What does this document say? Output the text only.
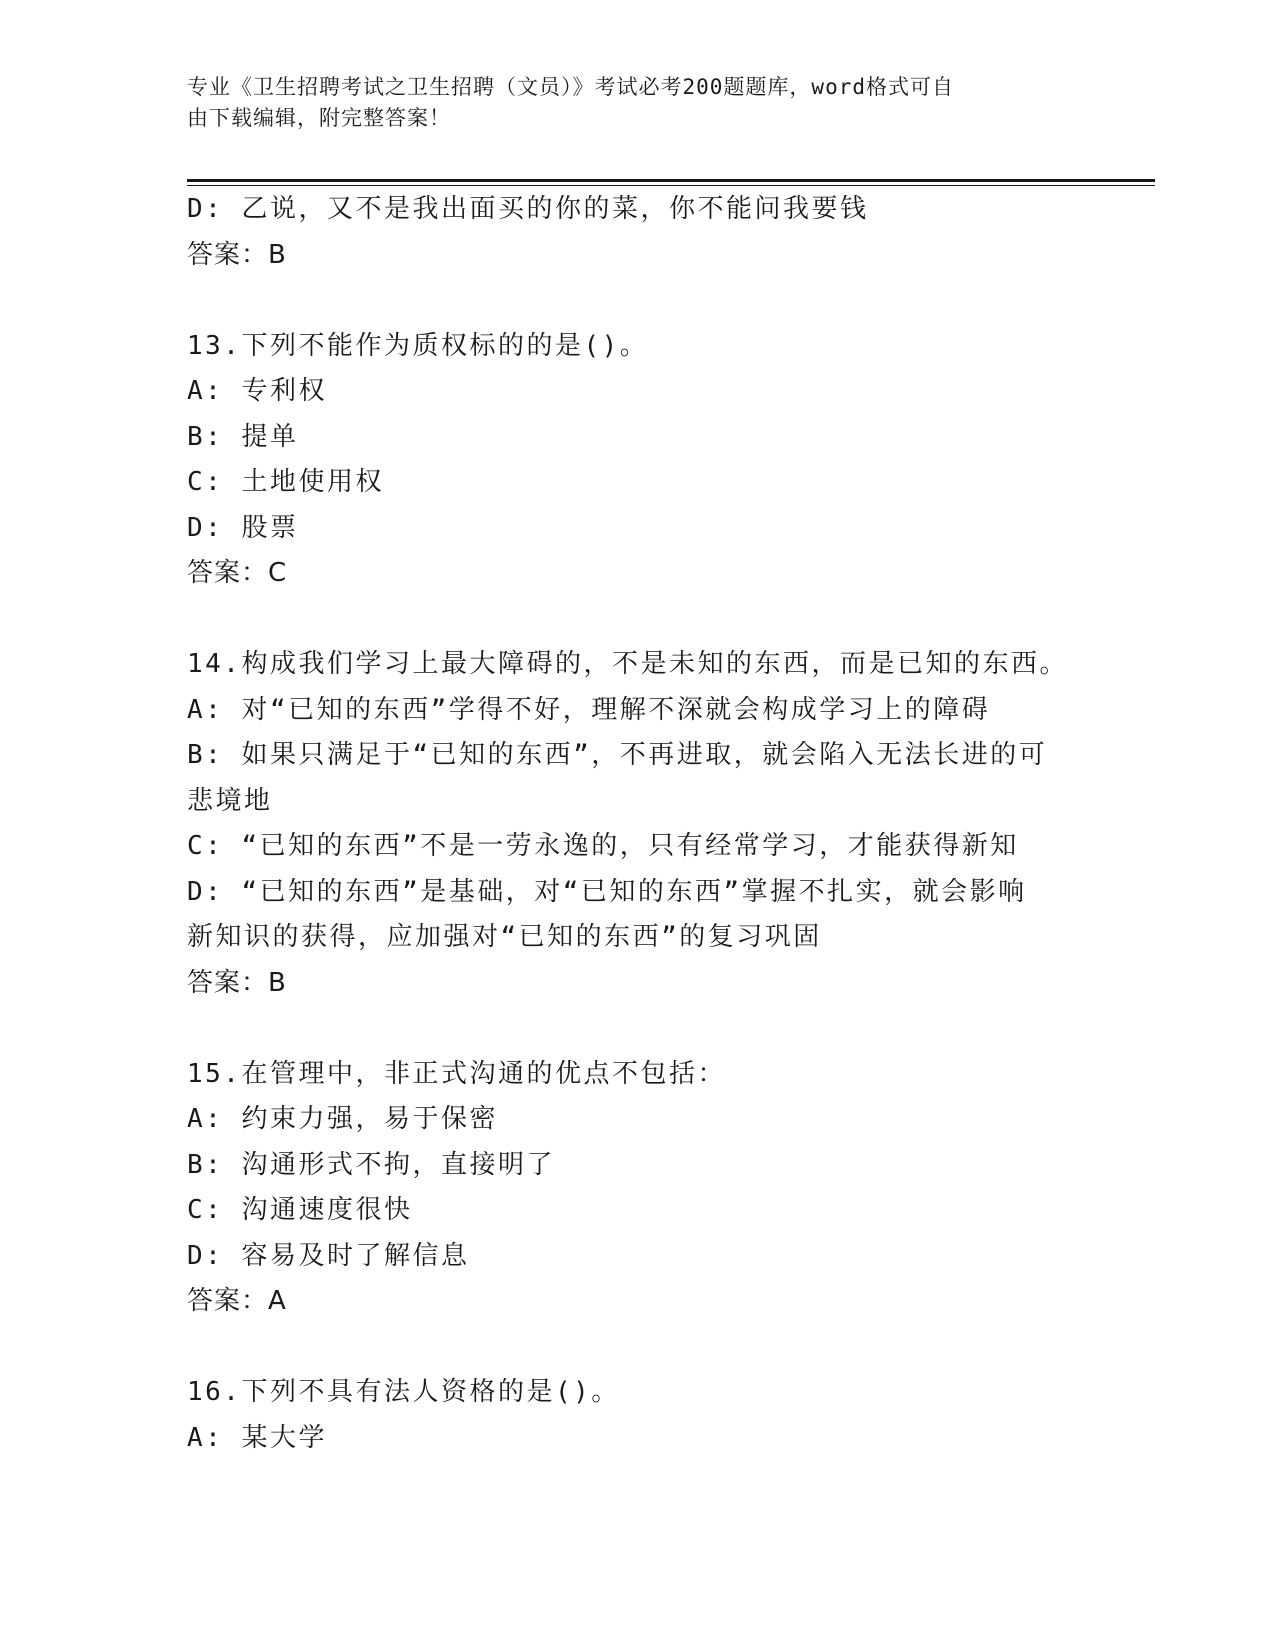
专业《卫生招聘考试之卫生招聘（文员）》考试必考200题题库，word格式可自
由下载编辑，附完整答案！

D: 乙说，又不是我出面买的你的菜，你不能问我要钱

答案：B

13.下列不能作为质权标的的是()。

A: 专利权

B: 提单

C: 土地使用权

D: 股票

答案：C

14.构成我们学习上最大障碍的，不是未知的东西，而是已知的东西。

A: 对“已知的东西”学得不好，理解不深就会构成学习上的障碍

B: 如果只满足于“已知的东西”，不再进取，就会陷入无法长进的可

悲境地

C: “已知的东西”不是一劳永逸的，只有经常学习，才能获得新知

D: “已知的东西”是基础，对“已知的东西”掌握不扎实，就会影响

新知识的获得，应加强对“已知的东西”的复习巩固

答案：B

15.在管理中，非正式沟通的优点不包括：

A: 约束力强，易于保密

B: 沟通形式不拘，直接明了

C: 沟通速度很快

D: 容易及时了解信息

答案：A

16.下列不具有法人资格的是()。

A: 某大学
